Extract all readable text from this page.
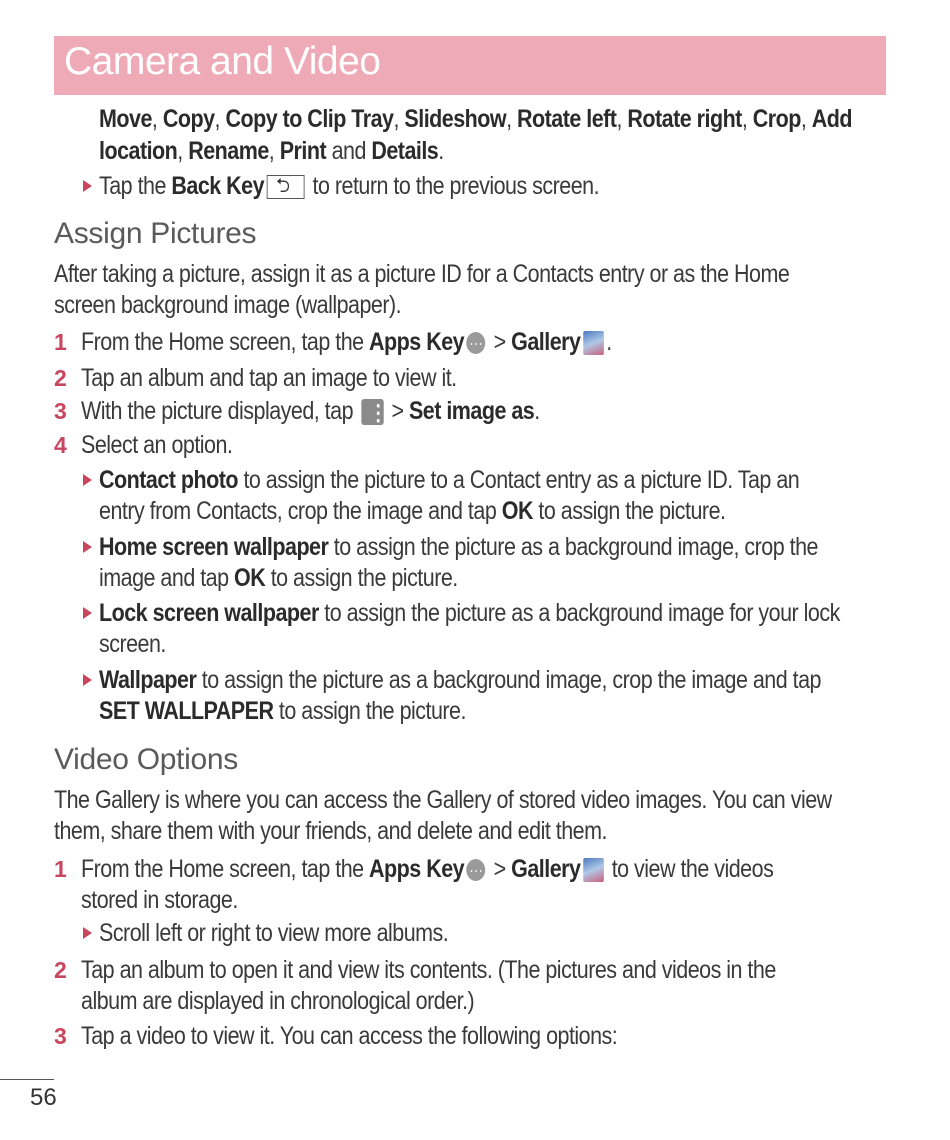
Camera and Video
Move, Copy, Copy to Clip Tray, Slideshow, Rotate left, Rotate right, Crop, Add
location, Rename, Print and Details.
Tap the Back Key⮌ to return to the previous screen.
Assign Pictures
After taking a picture, assign it as a picture ID for a Contacts entry or as the Home
screen background image (wallpaper).
1 From the Home screen, tap the Apps Key⋯ > Gallery .
2 Tap an album and tap an image to view it.
3 With the picture displayed, tap ⋮ > Set image as.
4 Select an option.
Contact photo to assign the picture to a Contact entry as a picture ID. Tap an
entry from Contacts, crop the image and tap OK to assign the picture.
Home screen wallpaper to assign the picture as a background image, crop the
image and tap OK to assign the picture.
Lock screen wallpaper to assign the picture as a background image for your lock
screen.
Wallpaper to assign the picture as a background image, crop the image and tap
SET WALLPAPER to assign the picture.
Video Options
The Gallery is where you can access the Gallery of stored video images. You can view
them, share them with your friends, and delete and edit them.
1 From the Home screen, tap the Apps Key⋯ > Gallery to view the videos
stored in storage.
Scroll left or right to view more albums.
2 Tap an album to open it and view its contents. (The pictures and videos in the
album are displayed in chronological order.)
3 Tap a video to view it. You can access the following options:
56
